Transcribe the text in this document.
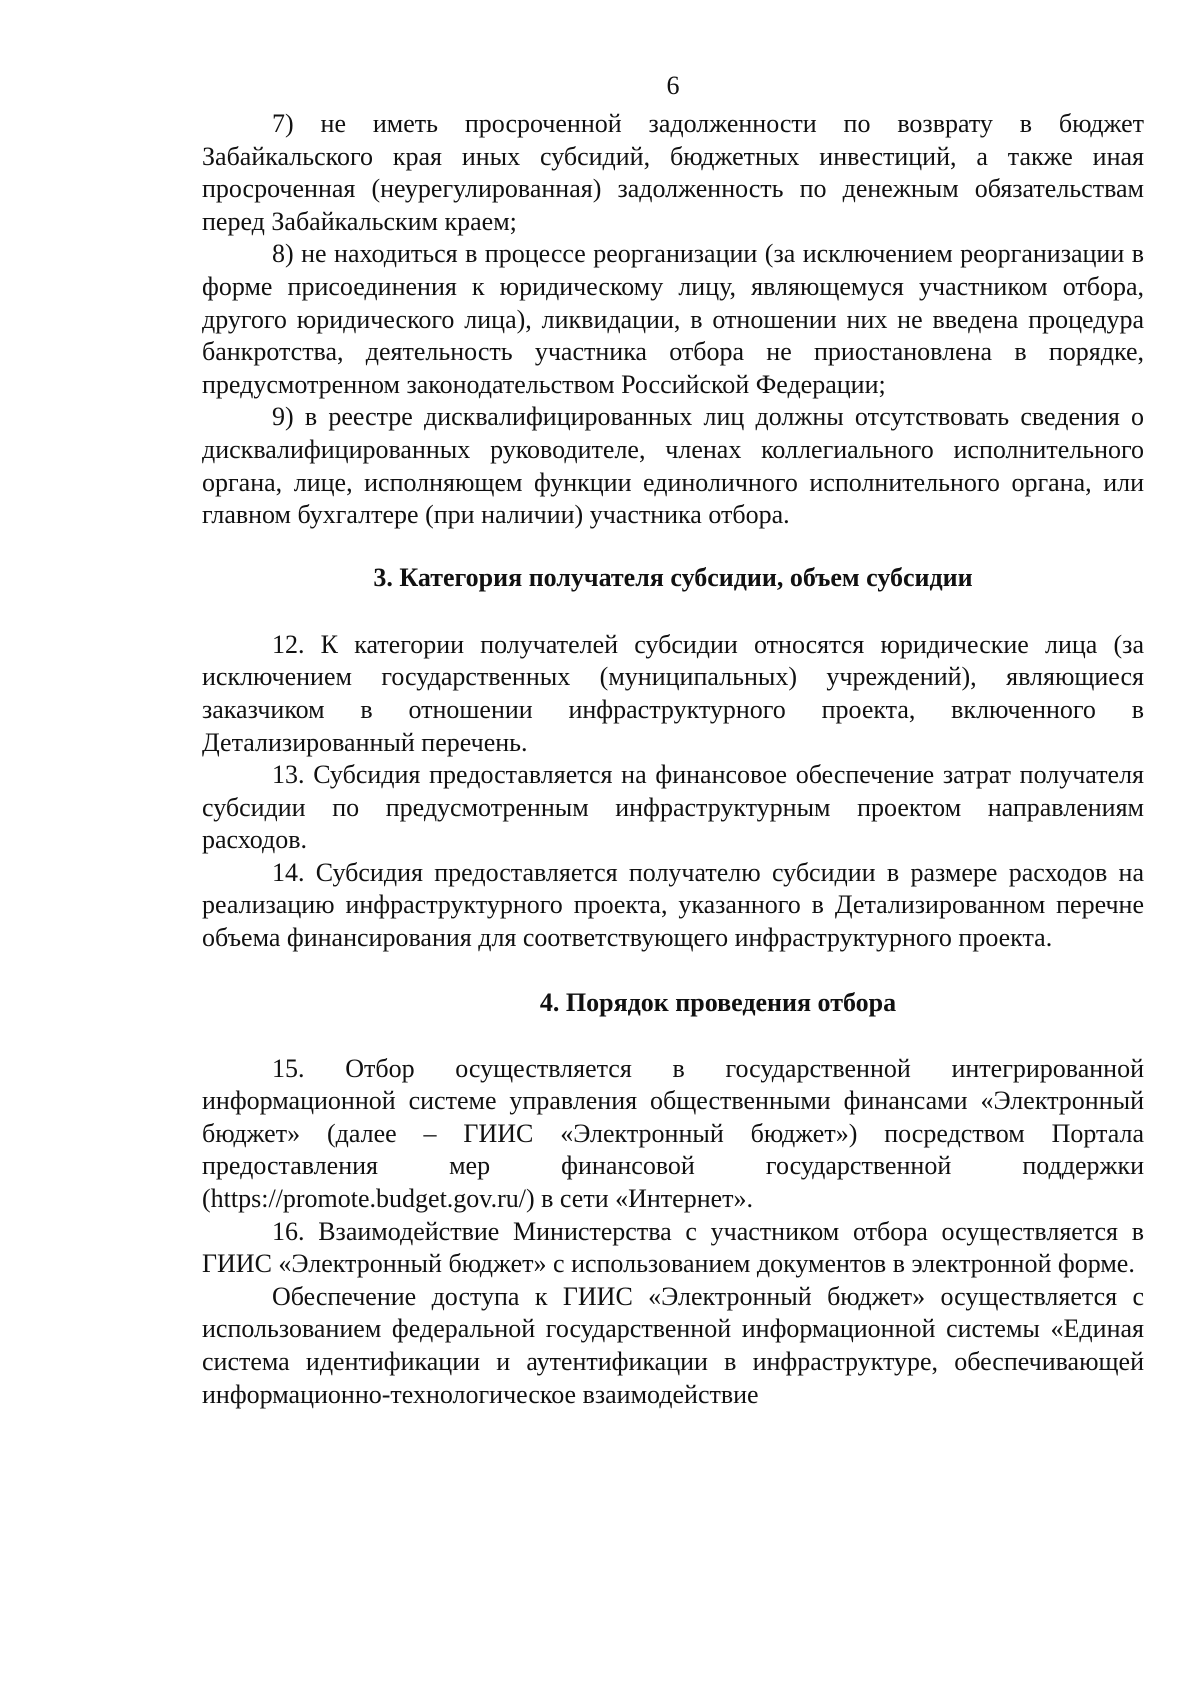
6

7) не иметь просроченной задолженности по возврату в бюджет Забайкальского края иных субсидий, бюджетных инвестиций, а также иная просроченная (неурегулированная) задолженность по денежным обязательствам перед Забайкальским краем;

8) не находиться в процессе реорганизации (за исключением реорганизации в форме присоединения к юридическому лицу, являющемуся участником отбора, другого юридического лица), ликвидации, в отношении них не введена процедура банкротства, деятельность участника отбора не приостановлена в порядке, предусмотренном законодательством Российской Федерации;

9) в реестре дисквалифицированных лиц должны отсутствовать сведения о дисквалифицированных руководителе, членах коллегиального исполнительного органа, лице, исполняющем функции единоличного исполнительного органа, или главном бухгалтере (при наличии) участника отбора.

3. Категория получателя субсидии, объем субсидии

12. К категории получателей субсидии относятся юридические лица (за исключением государственных (муниципальных) учреждений), являющиеся заказчиком в отношении инфраструктурного проекта, включенного в Детализированный перечень.

13. Субсидия предоставляется на финансовое обеспечение затрат получателя субсидии по предусмотренным инфраструктурным проектом направлениям расходов.

14. Субсидия предоставляется получателю субсидии в размере расходов на реализацию инфраструктурного проекта, указанного в Детализированном перечне объема финансирования для соответствующего инфраструктурного проекта.

4. Порядок проведения отбора

15. Отбор осуществляется в государственной интегрированной информационной системе управления общественными финансами «Электронный бюджет» (далее – ГИИС «Электронный бюджет») посредством Портала предоставления мер финансовой государственной поддержки (https://promote.budget.gov.ru/) в сети «Интернет».

16. Взаимодействие Министерства с участником отбора осуществляется в ГИИС «Электронный бюджет» с использованием документов в электронной форме.

Обеспечение доступа к ГИИС «Электронный бюджет» осуществляется с использованием федеральной государственной информационной системы «Единая система идентификации и аутентификации в инфраструктуре, обеспечивающей информационно-технологическое взаимодействие
